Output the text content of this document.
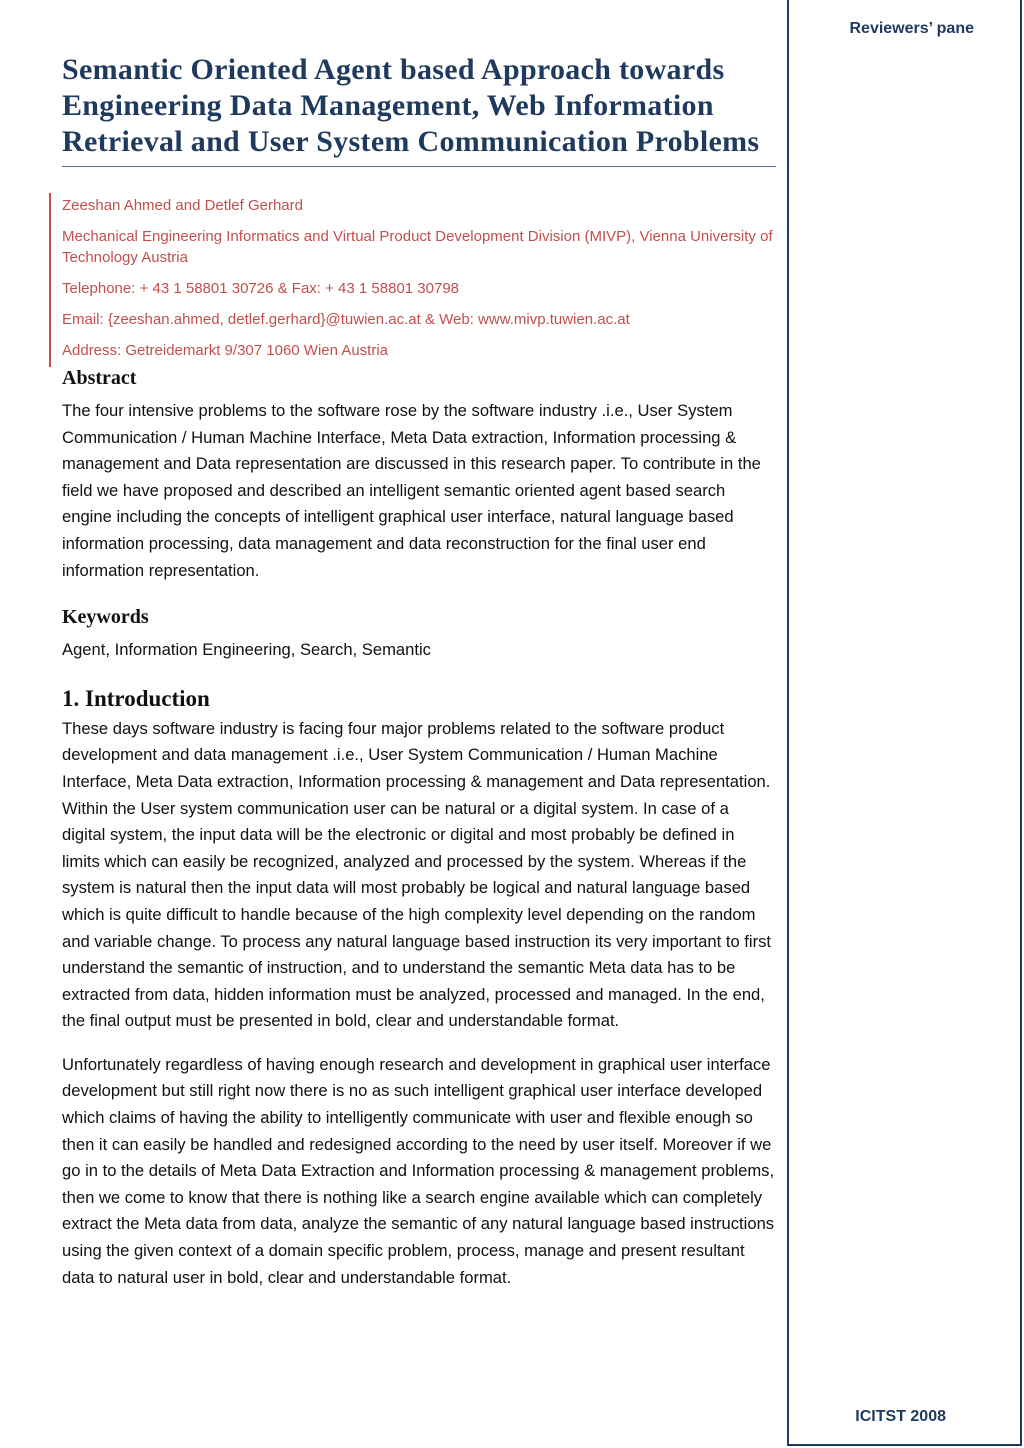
Reviewers’ pane
ICITST 2008
Semantic Oriented Agent based Approach towards Engineering Data Management, Web Information Retrieval and User System Communication Problems

Zeeshan Ahmed and Detlef Gerhard

Mechanical Engineering Informatics and Virtual Product Development Division (MIVP), Vienna University of Technology Austria

Telephone: + 43 1 58801 30726 & Fax: + 43 1 58801 30798

Email: {zeeshan.ahmed, detlef.gerhard}@tuwien.ac.at & Web: www.mivp.tuwien.ac.at

Address: Getreidemarkt 9/307 1060 Wien Austria

Abstract

The four intensive problems to the software rose by the software industry .i.e., User System Communication / Human Machine Interface, Meta Data extraction, Information processing & management and Data representation are discussed in this research paper. To contribute in the field we have proposed and described an intelligent semantic oriented agent based search engine including the concepts of intelligent graphical user interface, natural language based information processing, data management and data reconstruction for the final user end information representation.

Keywords

Agent, Information Engineering, Search, Semantic

1. Introduction

These days software industry is facing four major problems related to the software product development and data management .i.e., User System Communication / Human Machine Interface, Meta Data extraction, Information processing & management and Data representation. Within the User system communication user can be natural or a digital system. In case of a digital system, the input data will be the electronic or digital and most probably be defined in limits which can easily be recognized, analyzed and processed by the system. Whereas if the system is natural then the input data will most probably be logical and natural language based which is quite difficult to handle because of the high complexity level depending on the random and variable change. To process any natural language based instruction its very important to first understand the semantic of instruction, and to understand the semantic Meta data has to be extracted from data, hidden information must be analyzed, processed and managed. In the end, the final output must be presented in bold, clear and understandable format.

Unfortunately regardless of having enough research and development in graphical user interface development but still right now there is no as such intelligent graphical user interface developed which claims of having the ability to intelligently communicate with user and flexible enough so then it can easily be handled and redesigned according to the need by user itself. Moreover if we go in to the details of Meta Data Extraction and Information processing & management problems, then we come to know that there is nothing like a search engine available which can completely extract the Meta data from data, analyze the semantic of any natural language based instructions using the given context of a domain specific problem, process, manage and present resultant data to natural user in bold, clear and understandable format.
